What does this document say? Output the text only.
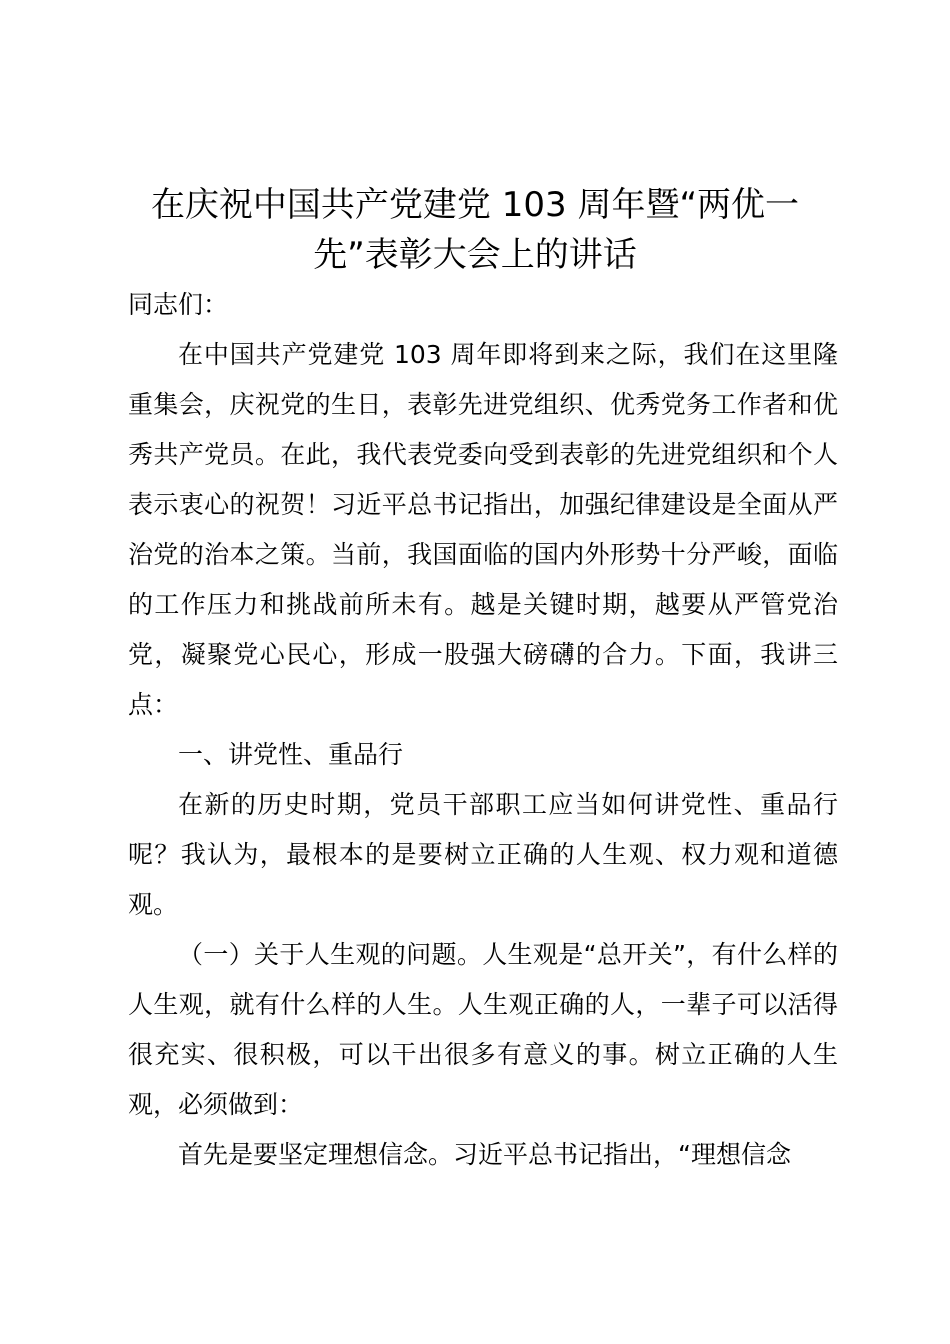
在庆祝中国共产党建党 103 周年暨“两优一先”表彰大会上的讲话

同志们：

在中国共产党建党 103 周年即将到来之际，我们在这里隆重集会，庆祝党的生日，表彰先进党组织、优秀党务工作者和优秀共产党员。在此，我代表党委向受到表彰的先进党组织和个人表示衷心的祝贺！习近平总书记指出，加强纪律建设是全面从严治党的治本之策。当前，我国面临的国内外形势十分严峻，面临的工作压力和挑战前所未有。越是关键时期，越要从严管党治党，凝聚党心民心，形成一股强大磅礴的合力。下面，我讲三点：

一、讲党性、重品行

在新的历史时期，党员干部职工应当如何讲党性、重品行呢？我认为，最根本的是要树立正确的人生观、权力观和道德观。

（一）关于人生观的问题。人生观是“总开关”，有什么样的人生观，就有什么样的人生。人生观正确的人，一辈子可以活得很充实、很积极，可以干出很多有意义的事。树立正确的人生观，必须做到：

首先是要坚定理想信念。习近平总书记指出，“理想信念
